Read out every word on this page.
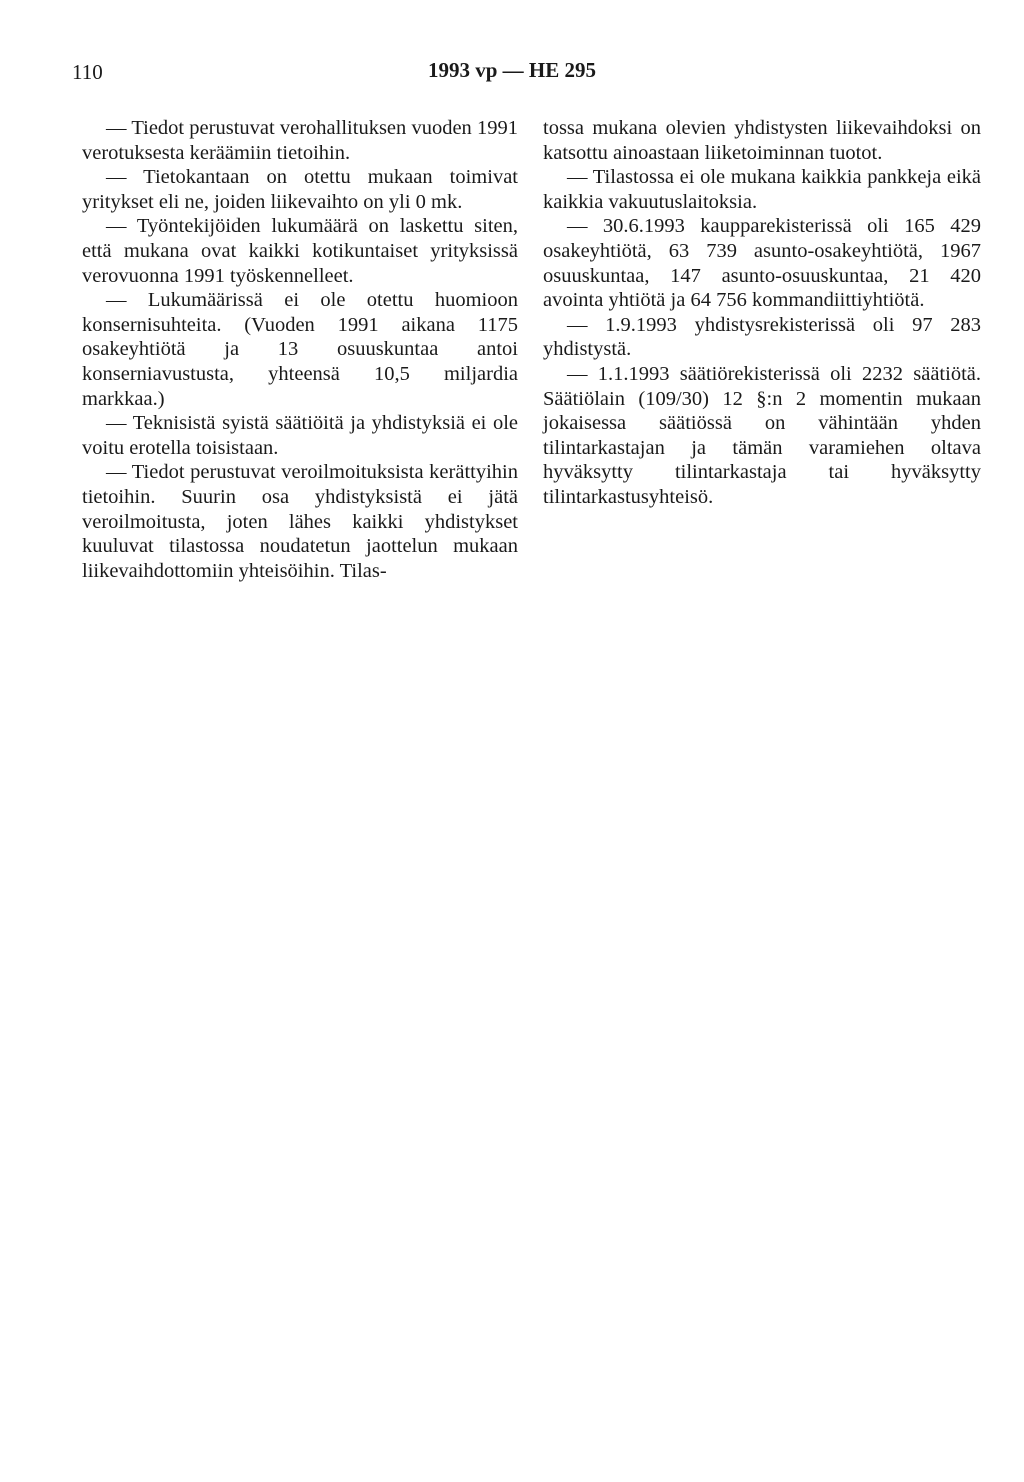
110	1993 vp — HE 295

— Tiedot perustuvat verohallituksen vuoden 1991 verotuksesta keräämiin tietoihin.

— Tietokantaan on otettu mukaan toimivat yritykset eli ne, joiden liikevaihto on yli 0 mk.

— Työntekijöiden lukumäärä on laskettu siten, että mukana ovat kaikki kotikuntaiset yrityksissä verovuonna 1991 työskennelleet.

— Lukumäärissä ei ole otettu huomioon konsernisuhteita. (Vuoden 1991 aikana 1175 osakeyhtiötä ja 13 osuuskuntaa antoi konserniavustusta, yhteensä 10,5 miljardia markkaa.)

— Teknisistä syistä säätiöitä ja yhdistyksiä ei ole voitu erotella toisistaan.

— Tiedot perustuvat veroilmoituksista kerättyihin tietoihin. Suurin osa yhdistyksistä ei jätä veroilmoitusta, joten lähes kaikki yhdistykset kuuluvat tilastossa noudatetun jaottelun mukaan liikevaihdottomiin yhteisöihin. Tilas-

tossa mukana olevien yhdistysten liikevaihdoksi on katsottu ainoastaan liiketoiminnan tuotot.

— Tilastossa ei ole mukana kaikkia pankkeja eikä kaikkia vakuutuslaitoksia.

— 30.6.1993 kaupparekisterissä oli 165 429 osakeyhtiötä, 63 739 asunto-osakeyhtiötä, 1967 osuuskuntaa, 147 asunto-osuuskuntaa, 21 420 avointa yhtiötä ja 64 756 kommandiittiyhtiötä.

— 1.9.1993 yhdistysrekisterissä oli 97 283 yhdistystä.

— 1.1.1993 säätiörekisterissä oli 2232 säätiötä. Säätiölain (109/30) 12 §:n 2 momentin mukaan jokaisessa säätiössä on vähintään yhden tilintarkastajan ja tämän varamiehen oltava hyväksytty tilintarkastaja tai hyväksytty tilintarkastusyhteisö.
